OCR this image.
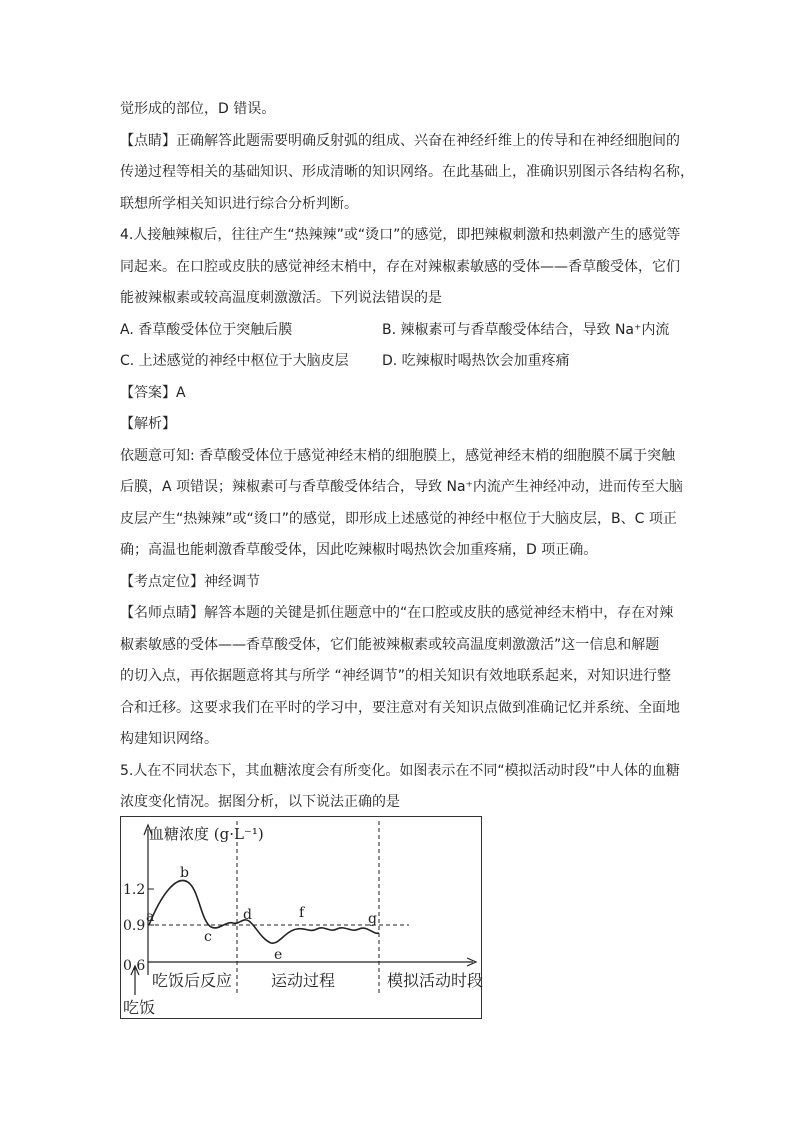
觉形成的部位，D 错误。

【点睛】正确解答此题需要明确反射弧的组成、兴奋在神经纤维上的传导和在神经细胞间的

传递过程等相关的基础知识、形成清晰的知识网络。在此基础上，准确识别图示各结构名称，

联想所学相关知识进行综合分析判断。

4.人接触辣椒后，往往产生“热辣辣”或“烫口”的感觉，即把辣椒刺激和热刺激产生的感觉等

同起来。在口腔或皮肤的感觉神经末梢中，存在对辣椒素敏感的受体——香草酸受体，它们

能被辣椒素或较高温度刺激激活。下列说法错误的是

A. 香草酸受体位于突触后膜	B. 辣椒素可与香草酸受体结合，导致 Na⁺内流
C. 上述感觉的神经中枢位于大脑皮层	D. 吃辣椒时喝热饮会加重疼痛

【答案】A

【解析】

依题意可知: 香草酸受体位于感觉神经末梢的细胞膜上，感觉神经末梢的细胞膜不属于突触

后膜，A 项错误；辣椒素可与香草酸受体结合，导致 Na⁺内流产生神经冲动，进而传至大脑

皮层产生“热辣辣”或“烫口”的感觉，即形成上述感觉的神经中枢位于大脑皮层，B、C 项正

确；高温也能刺激香草酸受体，因此吃辣椒时喝热饮会加重疼痛，D 项正确。

【考点定位】神经调节

【名师点睛】解答本题的关键是抓住题意中的“在口腔或皮肤的感觉神经末梢中，存在对辣

椒素敏感的受体——香草酸受体，它们能被辣椒素或较高温度刺激激活”这一信息和解题

的切入点，再依据题意将其与所学 “神经调节”的相关知识有效地联系起来，对知识进行整

合和迁移。这要求我们在平时的学习中，要注意对有关知识点做到准确记忆并系统、全面地

构建知识网络。

5.人在不同状态下，其血糖浓度会有所变化。如图表示在不同“模拟活动时段”中人体的血糖

浓度变化情况。据图分析，以下说法正确的是

血糖浓度 (g·L⁻¹)
1.2
0.9
0.6
a
b
c
d
e
f	g
吃饭后反应 运动过程	模拟活动时段
吃饭
